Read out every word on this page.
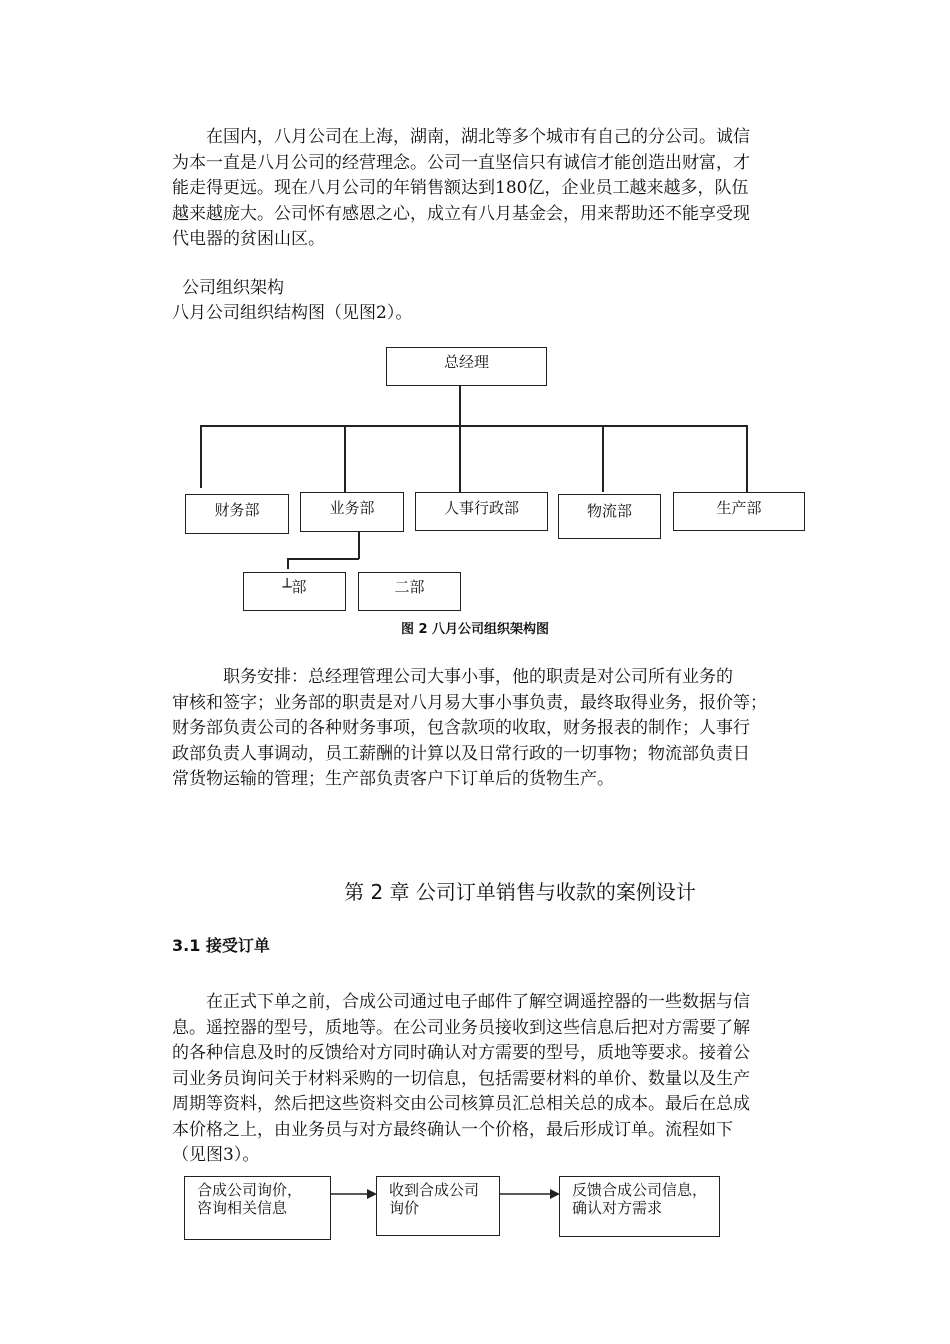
　　在国内，八月公司在上海，湖南，湖北等多个城市有自己的分公司。诚信
为本一直是八月公司的经营理念。公司一直坚信只有诚信才能创造出财富，才
能走得更远。现在八月公司的年销售额达到180亿，企业员工越来越多，队伍
越来越庞大。公司怀有感恩之心，成立有八月基金会，用来帮助还不能享受现
代电器的贫困山区。
公司组织架构
八月公司组织结构图（见图2）。
总经理
财务部	业务部	人事行政部	物流部	生产部
┴部	二部
图 2 八月公司组织架构图
　　　职务安排：总经理管理公司大事小事，他的职责是对公司所有业务的
审核和签字；业务部的职责是对八月易大事小事负责，最终取得业务，报价等；
财务部负责公司的各种财务事项，包含款项的收取，财务报表的制作；人事行
政部负责人事调动，员工薪酬的计算以及日常行政的一切事物；物流部负责日
常货物运输的管理；生产部负责客户下订单后的货物生产。
第 2 章 公司订单销售与收款的案例设计
3.1 接受订单
　　在正式下单之前，合成公司通过电子邮件了解空调遥控器的一些数据与信
息。遥控器的型号，质地等。在公司业务员接收到这些信息后把对方需要了解
的各种信息及时的反馈给对方同时确认对方需要的型号，质地等要求。接着公
司业务员询问关于材料采购的一切信息，包括需要材料的单价、数量以及生产
周期等资料，然后把这些资料交由公司核算员汇总相关总的成本。最后在总成
本价格之上，由业务员与对方最终确认一个价格，最后形成订单。流程如下
（见图3）。
合成公司询价，
咨询相关信息
收到合成公司
询价
反馈合成公司信息，
确认对方需求
